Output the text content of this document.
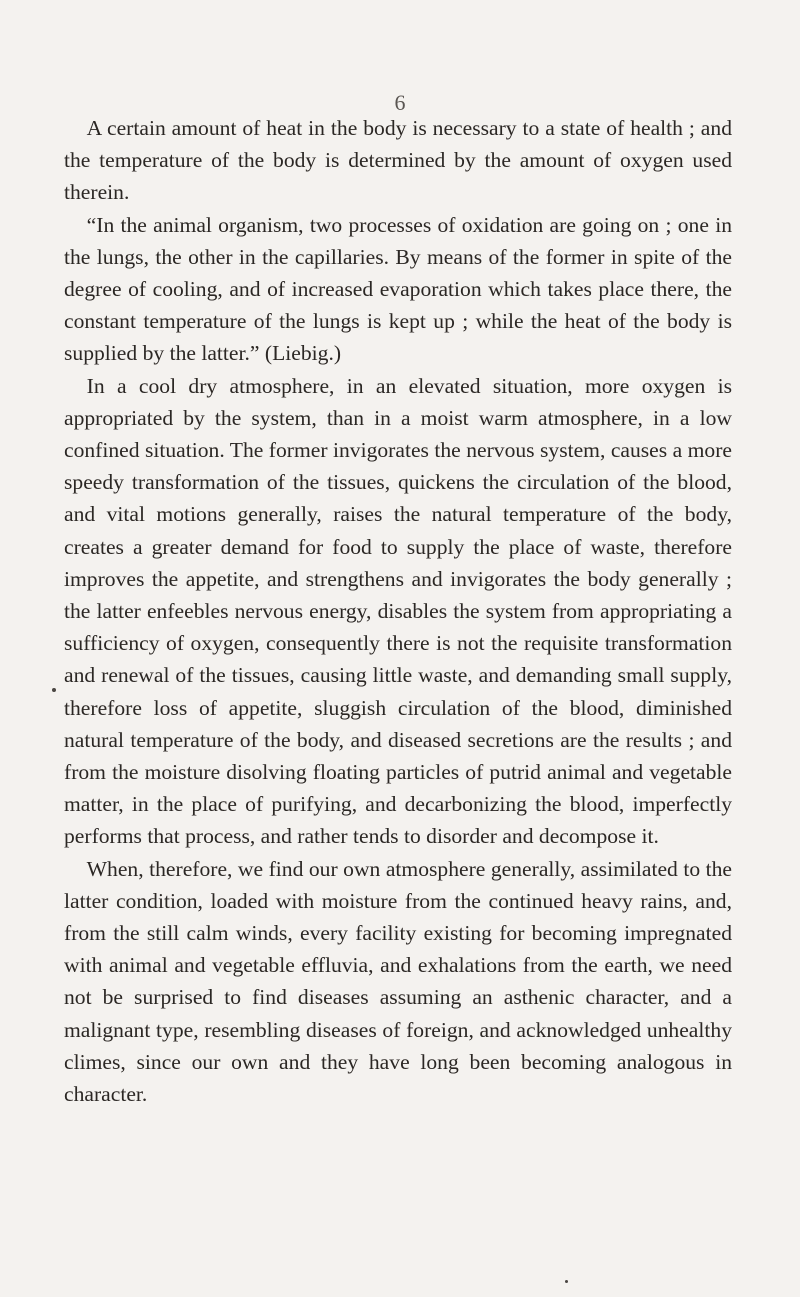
6

A certain amount of heat in the body is necessary to a state of health ; and the temperature of the body is determined by the amount of oxygen used therein.

“In the animal organism, two processes of oxidation are going on ; one in the lungs, the other in the capillaries. By means of the former in spite of the degree of cooling, and of increased evaporation which takes place there, the constant temperature of the lungs is kept up ; while the heat of the body is supplied by the latter.” (Liebig.)

In a cool dry atmosphere, in an elevated situation, more oxygen is appropriated by the system, than in a moist warm atmosphere, in a low confined situation. The former invigorates the nervous system, causes a more speedy transformation of the tissues, quickens the circulation of the blood, and vital motions generally, raises the natural temperature of the body, creates a greater demand for food to supply the place of waste, therefore improves the appetite, and strengthens and invigorates the body generally ; the latter enfeebles nervous energy, disables the system from appropriating a sufficiency of oxygen, consequently there is not the requisite transformation and renewal of the tissues, causing little waste, and demanding small supply, therefore loss of appetite, sluggish circulation of the blood, diminished natural temperature of the body, and diseased secretions are the results ; and from the moisture disolving floating particles of putrid animal and vegetable matter, in the place of purifying, and decarbonizing the blood, imperfectly performs that process, and rather tends to disorder and decompose it.

When, therefore, we find our own atmosphere generally, assimilated to the latter condition, loaded with moisture from the continued heavy rains, and, from the still calm winds, every facility existing for becoming impregnated with animal and vegetable effluvia, and exhalations from the earth, we need not be surprised to find diseases assuming an asthenic character, and a malignant type, resembling diseases of foreign, and acknowledged unhealthy climes, since our own and they have long been becoming analogous in character.
